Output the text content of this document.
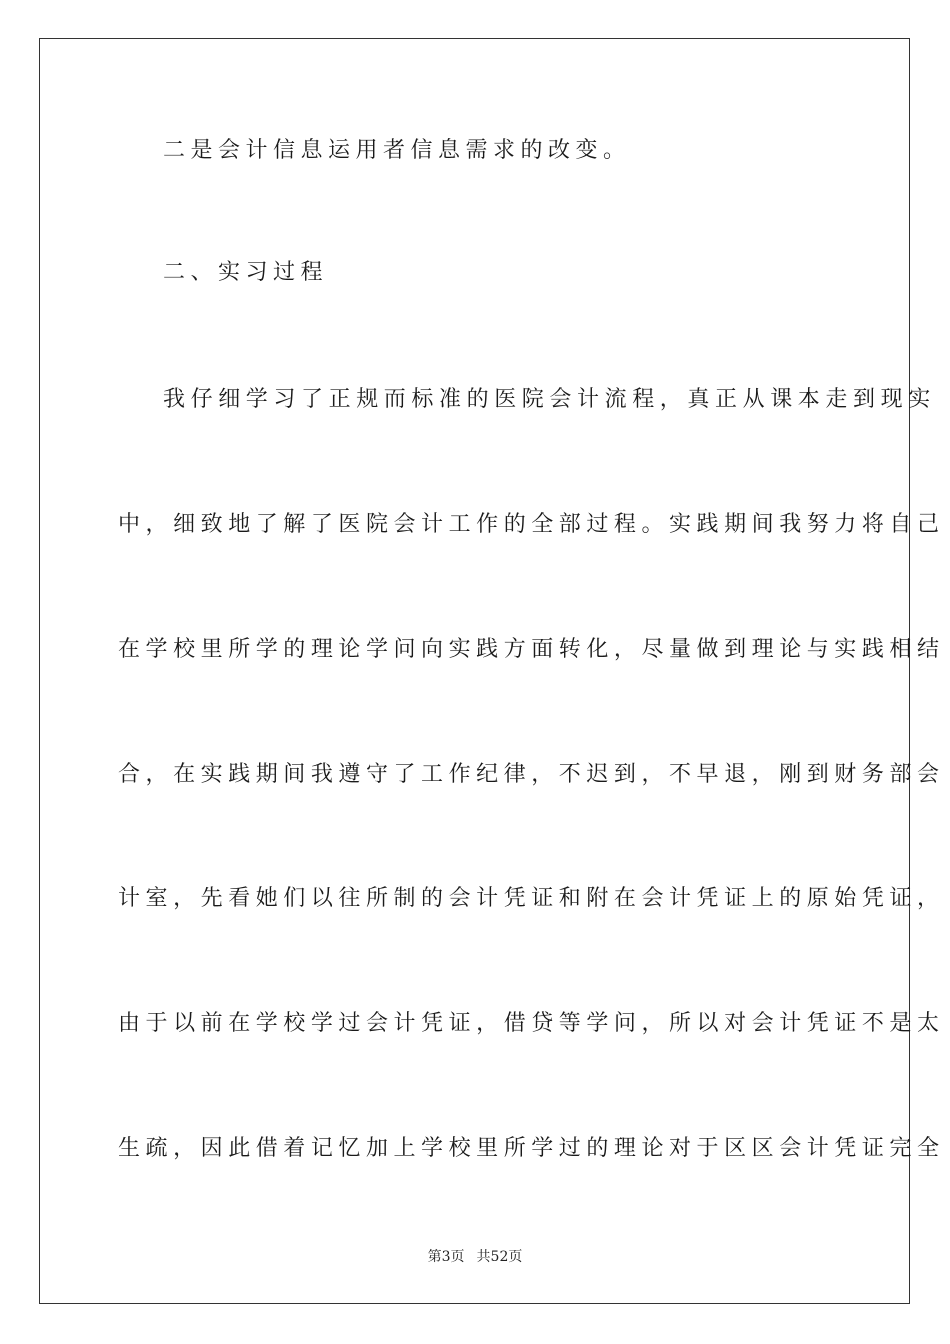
二是会计信息运用者信息需求的改变。
二、实习过程
我仔细学习了正规而标准的医院会计流程，真正从课本走到现实
中，细致地了解了医院会计工作的全部过程。实践期间我努力将自己
在学校里所学的理论学问向实践方面转化，尽量做到理论与实践相结
合，在实践期间我遵守了工作纪律，不迟到，不早退，刚到财务部会
计室，先看她们以往所制的会计凭证和附在会计凭证上的原始凭证，
由于以前在学校学过会计凭证，借贷等学问，所以对会计凭证不是太
生疏，因此借着记忆加上学校里所学过的理论对于区区会计凭证完全
第3页 共52页
